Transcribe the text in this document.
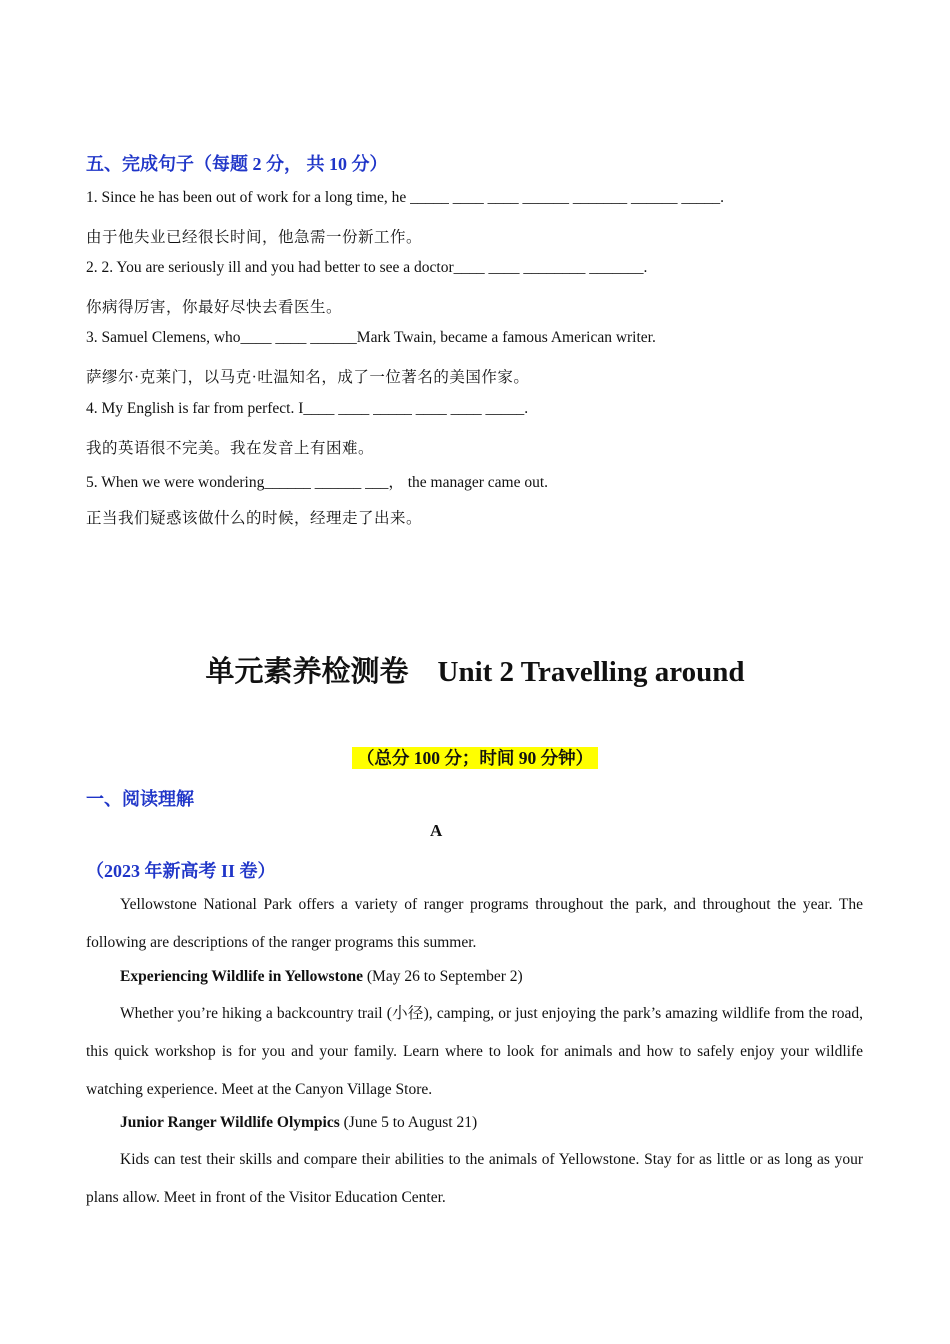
五、完成句子（每题 2 分， 共 10 分）
1. Since he has been out of work for a long time, he _____ ____ ____ ______ _______ ______ _____.
由于他失业已经很长时间，他急需一份新工作。
2. 2. You are seriously ill and you had better to see a doctor____ ____ ________ _______.
你病得厉害，你最好尽快去看医生。
3. Samuel Clemens, who____ ____ ______Mark Twain, became a famous American writer.
萨缪尔·克莱门，以马克·吐温知名，成了一位著名的美国作家。
4. My English is far from perfect. I____ ____ _____ ____ ____ _____.
我的英语很不完美。我在发音上有困难。
5. When we were wondering______ ______ ___， the manager came out.
正当我们疑惑该做什么的时候，经理走了出来。
单元素养检测卷　Unit 2 Travelling around
（总分 100 分；时间 90 分钟）
一、阅读理解
A
（2023 年新高考 II 卷）

Yellowstone National Park offers a variety of ranger programs throughout the park, and throughout the year. The following are descriptions of the ranger programs this summer.

Experiencing Wildlife in Yellowstone (May 26 to September 2)

Whether you’re hiking a backcountry trail (小径), camping, or just enjoying the park’s amazing wildlife from the road, this quick workshop is for you and your family. Learn where to look for animals and how to safely enjoy your wildlife watching experience. Meet at the Canyon Village Store.

Junior Ranger Wildlife Olympics (June 5 to August 21)

Kids can test their skills and compare their abilities to the animals of Yellowstone. Stay for as little or as long as your plans allow. Meet in front of the Visitor Education Center.
